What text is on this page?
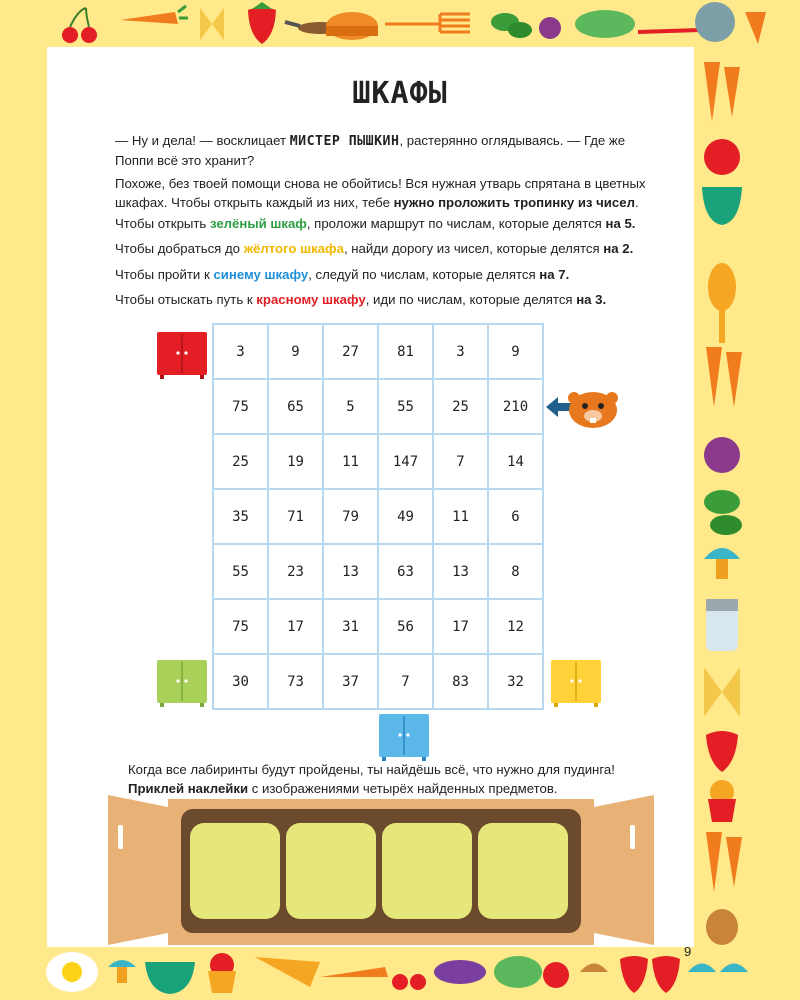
ШКАФЫ
— Ну и дела! — восклицает МИСТЕР ПЫШКИН, растерянно оглядываясь. — Где же Поппи всё это хранит?
Похоже, без твоей помощи снова не обойтись! Вся нужная утварь спрятана в цветных шкафах. Чтобы открыть каждый из них, тебе нужно проложить тропинку из чисел.
Чтобы открыть зелёный шкаф, проложи маршрут по числам, которые делятся на 5.
Чтобы добраться до жёлтого шкафа, найди дорогу из чисел, которые делятся на 2.
Чтобы пройти к синему шкафу, следуй по числам, которые делятся на 7.
Чтобы отыскать путь к красному шкафу, иди по числам, которые делятся на 3.
3	9	27	81	3	9
75	65	5	55	25	210
25	19	11	147	7	14
35	71	79	49	11	6
55	23	13	63	13	8
75	17	31	56	17	12
30	73	37	7	83	32
Когда все лабиринты будут пройдены, ты найдёшь всё, что нужно для пудинга!
Приклей наклейки с изображениями четырёх найденных предметов.
9
